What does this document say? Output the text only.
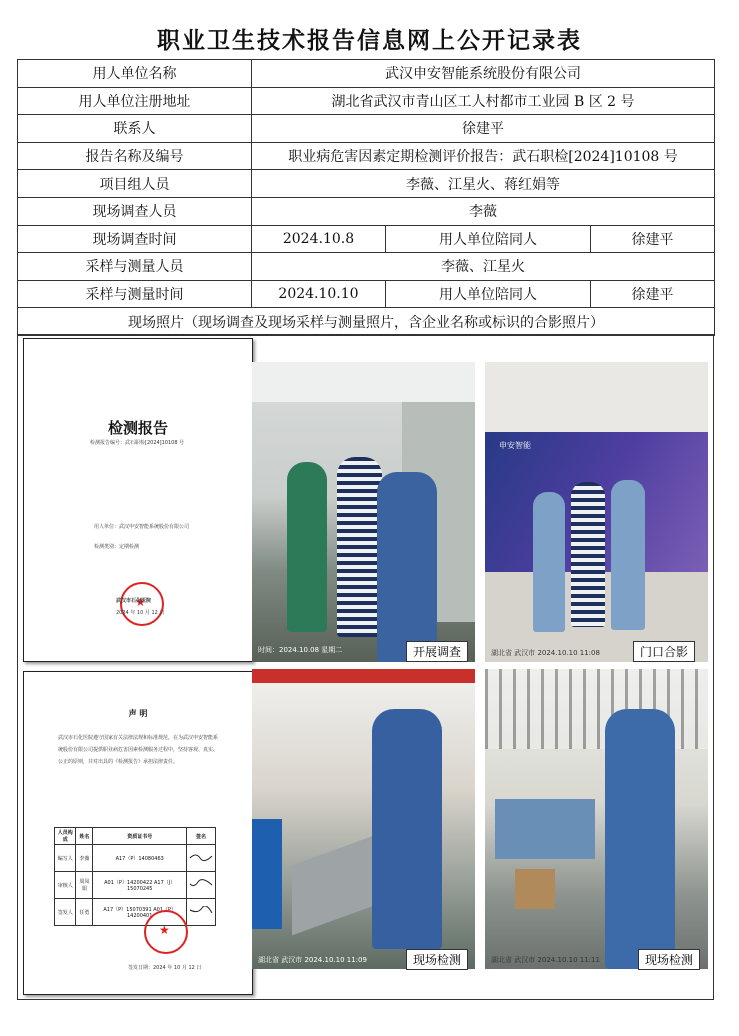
职业卫生技术报告信息网上公开记录表
用人单位名称	武汉申安智能系统股份有限公司		
用人单位注册地址	湖北省武汉市青山区工人村都市工业园 B 区 2 号		
联系人	徐建平		
报告名称及编号	职业病危害因素定期检测评价报告：武石职检[2024]10108 号		
项目组人员	李薇、江星火、蒋红娟等		
现场调查人员	李薇		
现场调查时间	2024.10.8	用人单位陪同人	徐建平
采样与测量人员	李薇、江星火		
采样与测量时间	2024.10.10	用人单位陪同人	徐建平
现场照片（现场调查及现场采样与测量照片，含企业名称或标识的合影照片）			
检测报告
检测报告编号：武石职检[2024]10108 号
用人单位：武汉申安智能系统股份有限公司
检测类别：定期检测
★
武汉市石化医院
2024 年 10 月 12 日
声 明
武汉市石化医院遵守国家有关法律法规和标准规范，在为武汉申安智能系统股份有限公司提供职业病危害因素检测服务过程中，坚持客观、真实、公正的原则，并对出具的《检测报告》承担法律责任。
人员构成	姓名	资质证书号	签名
编写人	李薇	A17（P）14080463	
审核人	周凤娟	A01（P）14200422 A17（J）15070245	
签发人	任勇	A17（P）15070391 A01（P）14200401	
★
签发日期：2024 年 10 月 12 日
时间：2024.10.08 星期二	开展调查
申安智能
湖北省 武汉市 2024.10.10 11:08	门口合影
湖北省 武汉市 2024.10.10 11:09	现场检测	湖北省 武汉市 2024.10.10 11:11	现场检测
